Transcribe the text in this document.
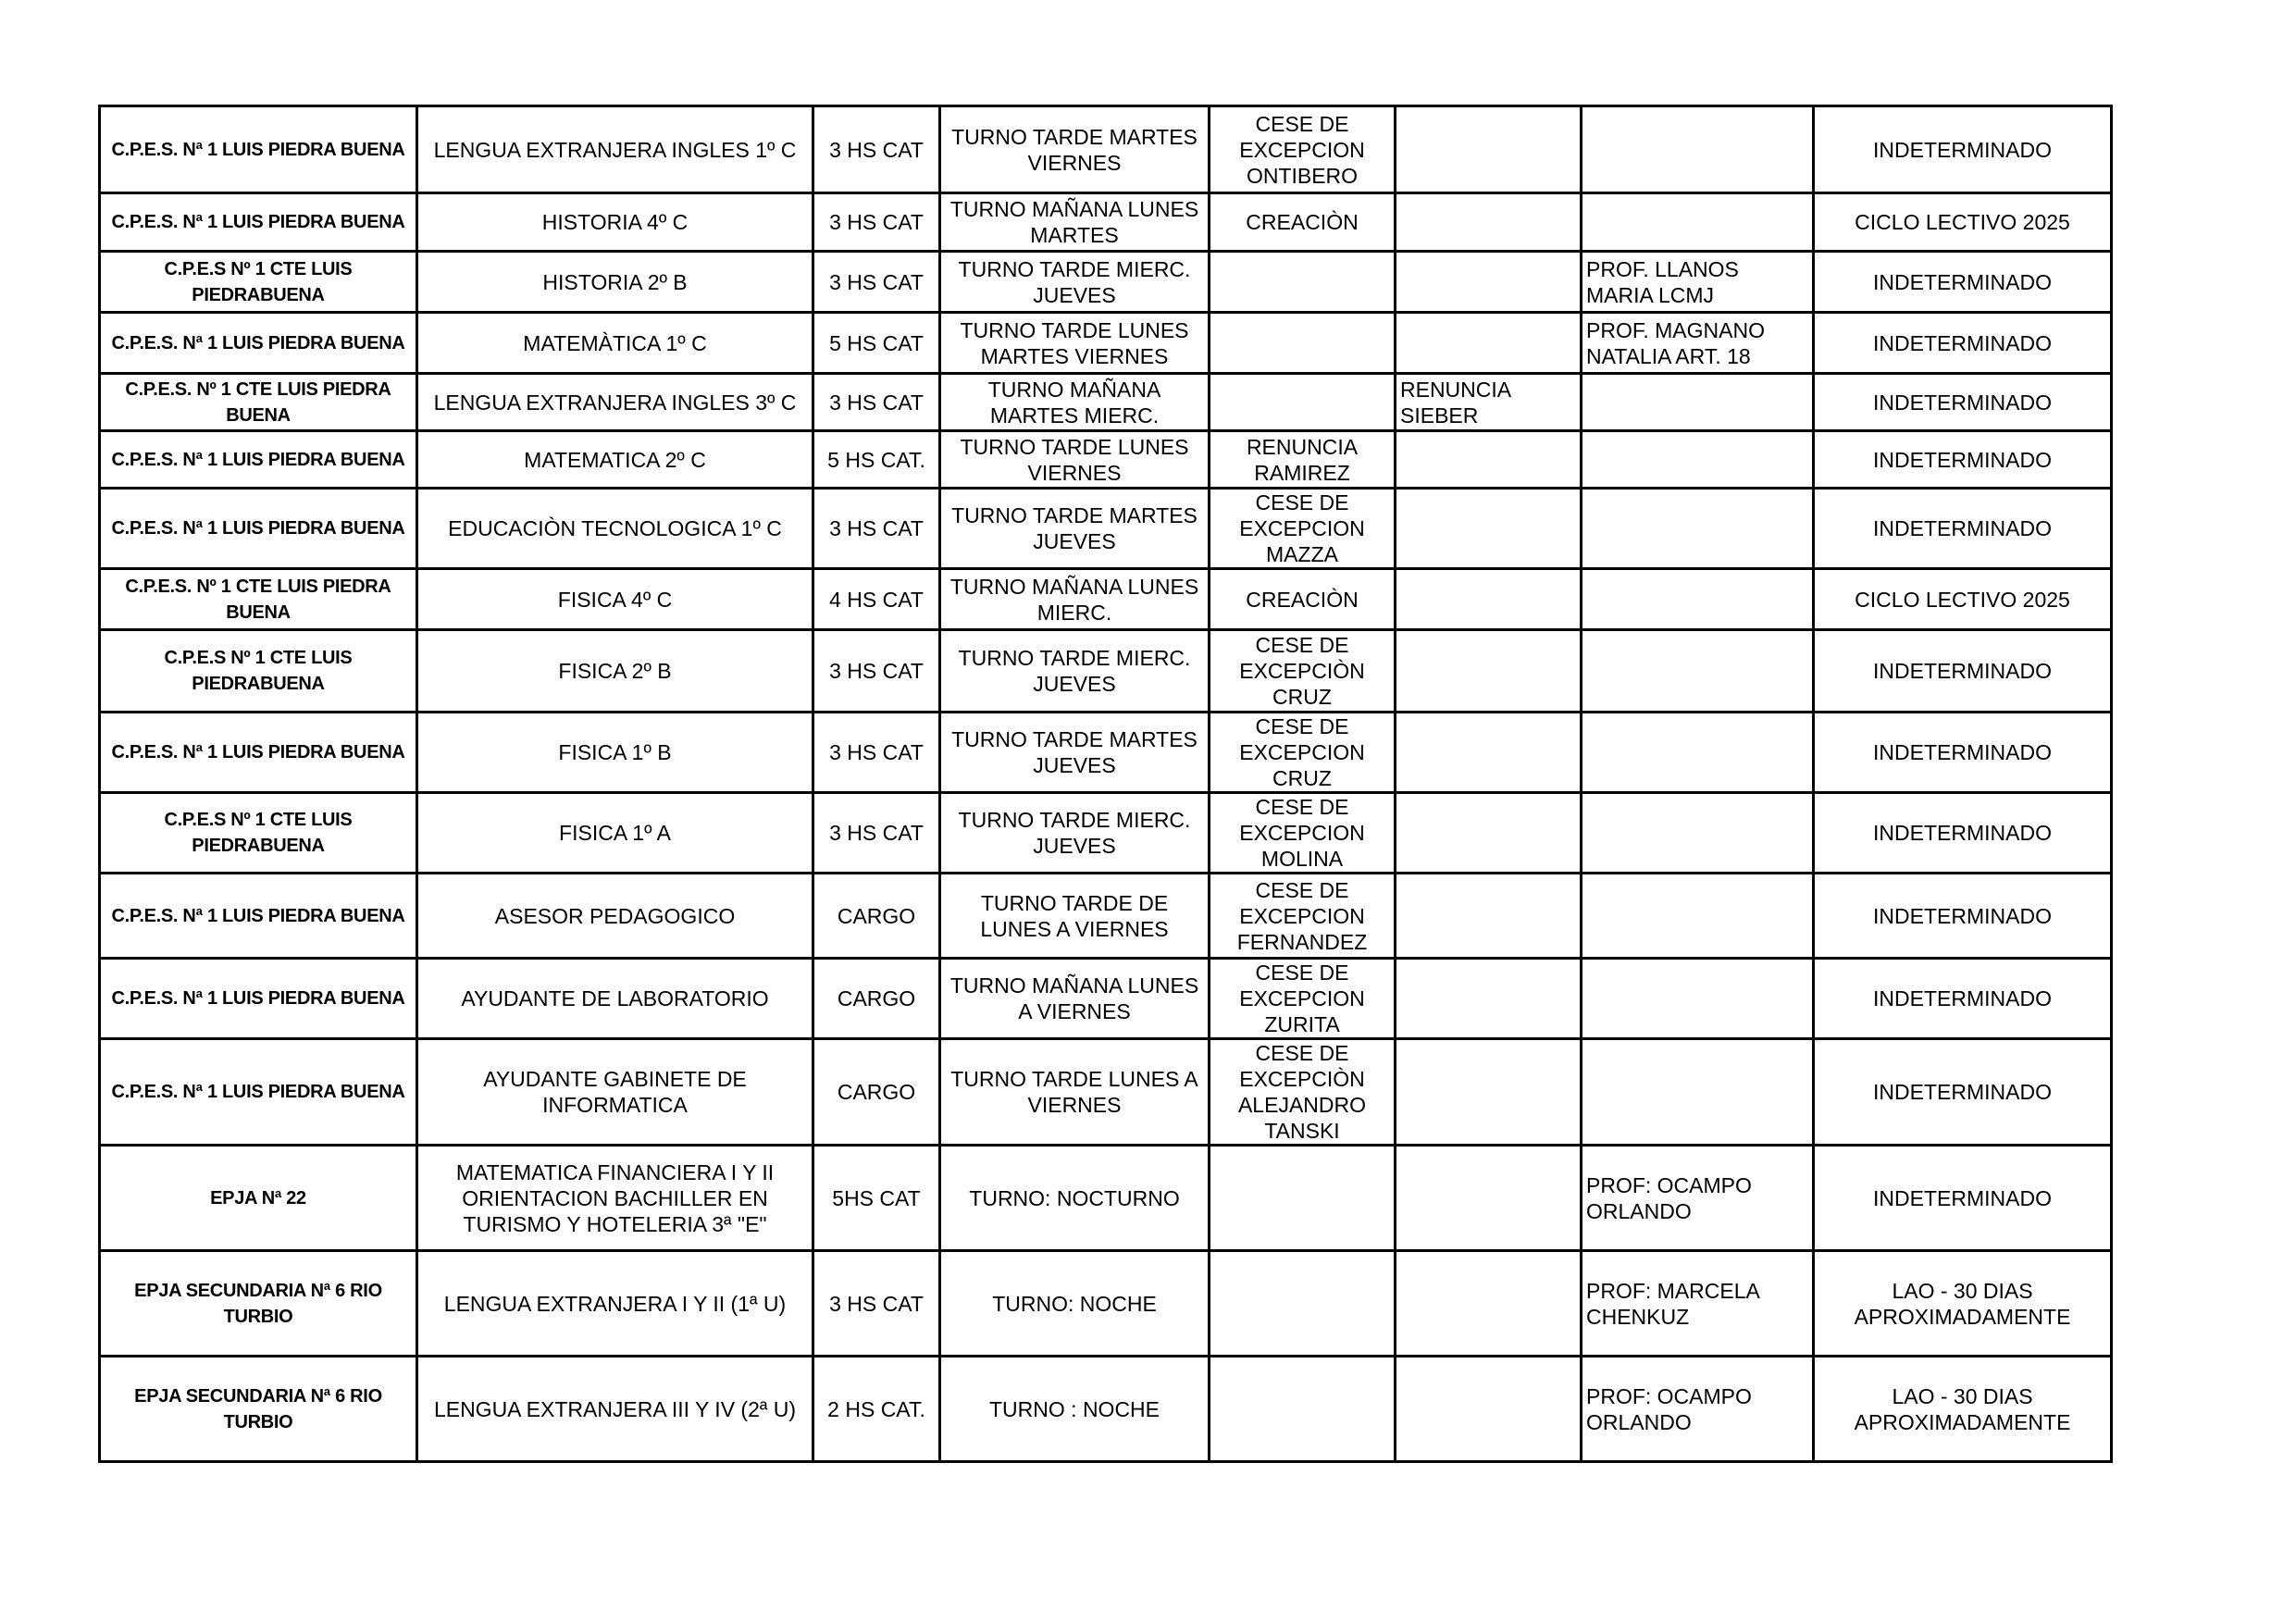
C.P.E.S. Nª 1 LUIS PIEDRA BUENA	LENGUA EXTRANJERA INGLES 1º C	3 HS CAT	TURNO TARDE MARTES VIERNES	CESE DE EXCEPCION ONTIBERO			INDETERMINADO
C.P.E.S. Nª 1 LUIS PIEDRA BUENA	HISTORIA 4º C	3 HS CAT	TURNO MAÑANA LUNES MARTES	CREACIÒN			CICLO LECTIVO 2025
C.P.E.S Nº 1 CTE LUIS PIEDRABUENA	HISTORIA 2º B	3 HS CAT	TURNO TARDE MIERC. JUEVES			PROF. LLANOS MARIA LCMJ	INDETERMINADO
C.P.E.S. Nª 1 LUIS PIEDRA BUENA	MATEMÀTICA 1º C	5 HS CAT	TURNO TARDE LUNES MARTES VIERNES			PROF. MAGNANO NATALIA ART. 18	INDETERMINADO
C.P.E.S. Nº 1 CTE LUIS PIEDRA BUENA	LENGUA EXTRANJERA INGLES 3º C	3 HS CAT	TURNO MAÑANA MARTES MIERC.		RENUNCIA SIEBER		INDETERMINADO
C.P.E.S. Nª 1 LUIS PIEDRA BUENA	MATEMATICA 2º C	5 HS CAT.	TURNO TARDE LUNES VIERNES	RENUNCIA RAMIREZ			INDETERMINADO
C.P.E.S. Nª 1 LUIS PIEDRA BUENA	EDUCACIÒN TECNOLOGICA 1º C	3 HS CAT	TURNO TARDE MARTES JUEVES	CESE DE EXCEPCION MAZZA			INDETERMINADO
C.P.E.S. Nº 1 CTE LUIS PIEDRA BUENA	FISICA 4º C	4 HS CAT	TURNO MAÑANA LUNES MIERC.	CREACIÒN			CICLO LECTIVO 2025
C.P.E.S Nº 1 CTE LUIS PIEDRABUENA	FISICA 2º B	3 HS CAT	TURNO TARDE MIERC. JUEVES	CESE DE EXCEPCIÒN CRUZ			INDETERMINADO
C.P.E.S. Nª 1 LUIS PIEDRA BUENA	FISICA 1º B	3 HS CAT	TURNO TARDE MARTES JUEVES	CESE DE EXCEPCION CRUZ			INDETERMINADO
C.P.E.S Nº 1 CTE LUIS PIEDRABUENA	FISICA 1º A	3 HS CAT	TURNO TARDE MIERC. JUEVES	CESE DE EXCEPCION MOLINA			INDETERMINADO
C.P.E.S. Nª 1 LUIS PIEDRA BUENA	ASESOR PEDAGOGICO	CARGO	TURNO TARDE DE LUNES A VIERNES	CESE DE EXCEPCION FERNANDEZ			INDETERMINADO
C.P.E.S. Nª 1 LUIS PIEDRA BUENA	AYUDANTE DE LABORATORIO	CARGO	TURNO MAÑANA LUNES A VIERNES	CESE DE EXCEPCION ZURITA			INDETERMINADO
C.P.E.S. Nª 1 LUIS PIEDRA BUENA	AYUDANTE GABINETE DE INFORMATICA	CARGO	TURNO TARDE LUNES A VIERNES	CESE DE EXCEPCIÒN ALEJANDRO TANSKI			INDETERMINADO
EPJA Nª 22	MATEMATICA FINANCIERA I Y II ORIENTACION BACHILLER EN TURISMO Y HOTELERIA 3ª "E"	5HS CAT	TURNO: NOCTURNO			PROF: OCAMPO ORLANDO	INDETERMINADO
EPJA SECUNDARIA Nª 6 RIO TURBIO	LENGUA EXTRANJERA I Y II (1ª U)	3 HS CAT	TURNO: NOCHE			PROF: MARCELA CHENKUZ	LAO - 30 DIAS APROXIMADAMENTE
EPJA SECUNDARIA Nª 6 RIO TURBIO	LENGUA EXTRANJERA III Y IV (2ª U)	2 HS CAT.	TURNO : NOCHE			PROF: OCAMPO ORLANDO	LAO - 30 DIAS APROXIMADAMENTE
